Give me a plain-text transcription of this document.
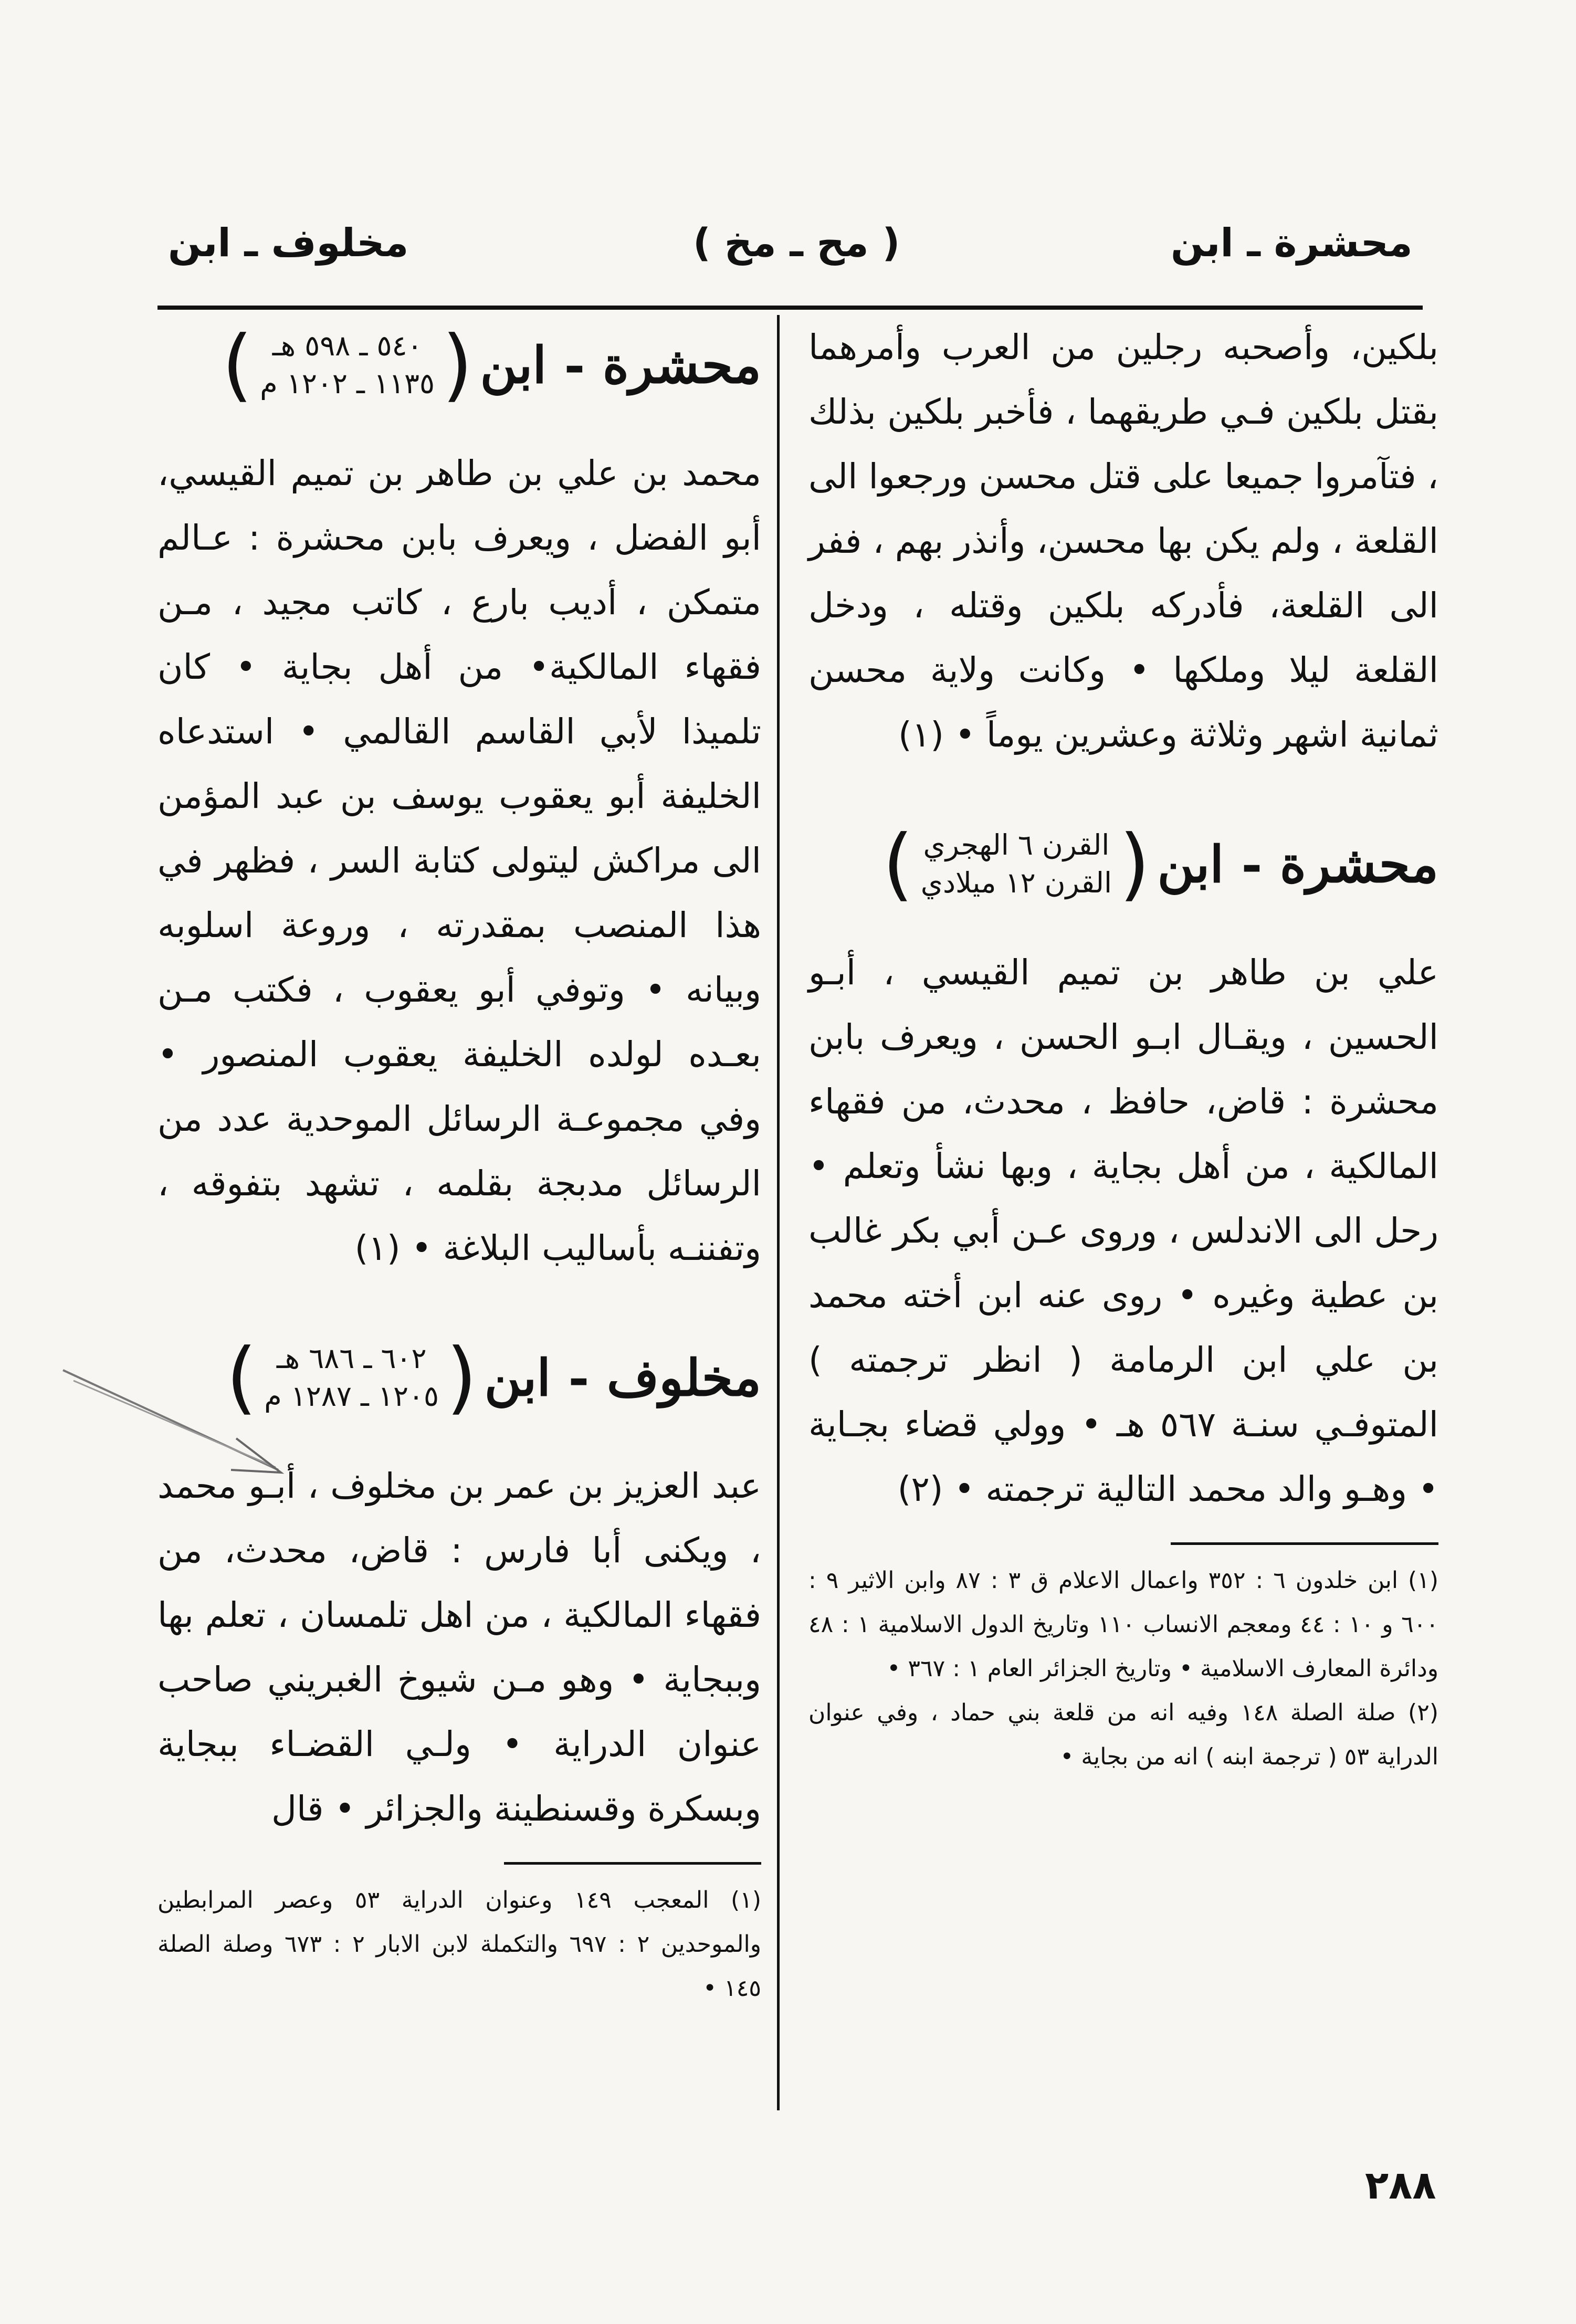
محشرة ـ ابن
( مح ـ مخ )
مخلوف ـ ابن

بلكين، وأصحبه رجلين من العرب وأمرهما بقتل بلكين فـي طريقهما ، فأخبر بلكين بذلك ، فتآمروا جميعا على قتل محسن ورجعوا الى القلعة ، ولم يكن بها محسن، وأنذر بهم ، ففر الى القلعة، فأدركه بلكين وقتله ، ودخل القلعة ليلا وملكها • وكانت ولاية محسن ثمانية اشهر وثلاثة وعشرين يوماً • (١)

محشرة - ابن
(
القرن ٦ الهجري
القرن ١٢ ميلادي
)

علي بن طاهر بن تميم القيسي ، أبـو الحسين ، ويقـال ابـو الحسن ، ويعرف بابن محشرة : قاض، حافظ ، محدث، من فقهاء المالكية ، من أهل بجاية ، وبها نشأ وتعلم • رحل الى الاندلس ، وروى عـن أبي بكر غالب بن عطية وغيره • روى عنه ابن أخته محمد بن علي ابن الرمامة ( انظر ترجمته ) المتوفـي سنـة ٥٦٧ هـ • وولي قضاء بجـاية • وهـو والد محمد التالية ترجمته • (٢)

(١) ابن خلدون ٦ : ٣٥٢ واعمال الاعلام ق ٣ : ٨٧ وابن الاثير ٩ : ٦٠٠ و ١٠ : ٤٤ ومعجم الانساب ١١٠ وتاريخ الدول الاسلامية ١ : ٤٨ ودائرة المعارف الاسلامية • وتاريخ الجزائر العام ١ : ٣٦٧ •

(٢) صلة الصلة ١٤٨ وفيه انه من قلعة بني حماد ، وفي عنوان الدراية ٥٣ ( ترجمة ابنه ) انه من بجاية •

محشرة - ابن
(
٥٤٠ ـ ٥٩٨ هـ
١١٣٥ ـ ١٢٠٢ م
)

محمد بن علي بن طاهر بن تميم القيسي، أبو الفضل ، ويعرف بابن محشرة : عـالم متمكن ، أديب بارع ، كاتب مجيد ، مـن فقهاء المالكية• من أهل بجاية • كان تلميذا لأبي القاسم القالمي • استدعاه الخليفة أبو يعقوب يوسف بن عبد المؤمن الى مراكش ليتولى كتابة السر ، فظهر في هذا المنصب بمقدرته ، وروعة اسلوبه وبيانه • وتوفي أبو يعقوب ، فكتب مـن بعـده لولده الخليفة يعقوب المنصور • وفي مجموعـة الرسائل الموحدية عدد من الرسائل مدبجة بقلمه ، تشهد بتفوقه ، وتفننـه بأساليب البلاغة • (١)

مخلوف - ابن
(
٦٠٢ ـ ٦٨٦ هـ
١٢٠٥ ـ ١٢٨٧ م
)

عبد العزيز بن عمر بن مخلوف ، أبـو محمد ، ويكنى أبا فارس : قاض، محدث، من فقهاء المالكية ، من اهل تلمسان ، تعلم بها وببجاية • وهو مـن شيوخ الغبريني صاحب عنوان الدراية • ولـي القضـاء ببجاية وبسكرة وقسنطينة والجزائر • قال

(١) المعجب ١٤٩ وعنوان الدراية ٥٣ وعصر المرابطين والموحدين ٢ : ٦٩٧ والتكملة لابن الابار ٢ : ٦٧٣ وصلة الصلة ١٤٥ •

٢٨٨
